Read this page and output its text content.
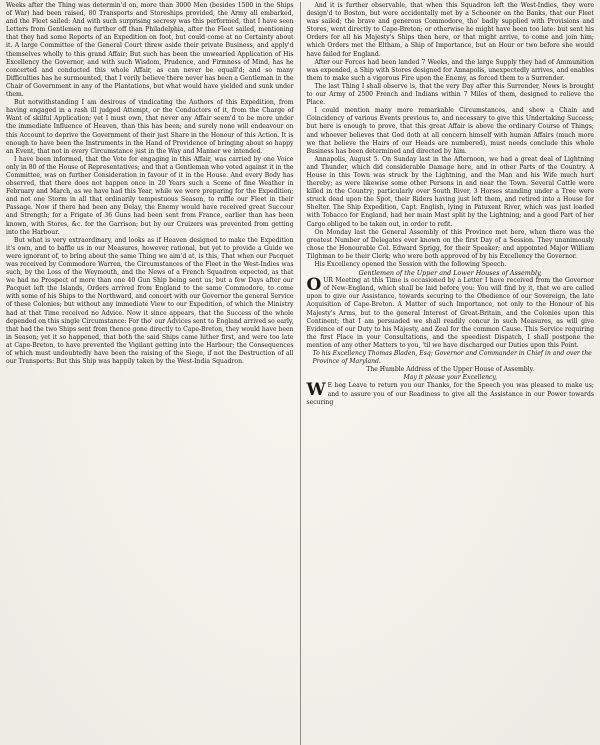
Weeks after the Thing was determin'd on, more than 3000 Men (besides 1500 in the Ships of War) had been raised, 80 Transports and Storeships provided, the Army all embarked, and the Fleet sailed: And with such surprising secresy was this performed, that I have seen Letters from Gentlemen no further off than Philadelphia, after the Fleet sailed, mentioning that they had some Reports of an Expedition on foot, but could come at no Certainty about it. A large Committee of the General Court threw aside their private Business, and apply'd themselves wholly to this grand Affair; But such has been the unwearied Application of His Excellency the Governor, and with such Wisdom, Prudence, and Firmness of Mind, has he concerted and conducted this whole Affair, as can never be equall'd; and so many Difficulties has he surmounted, that I verily believe there never has been a Gentleman in the Chair of Government in any of the Plantations, but what would have yielded and sunk under them.

But notwithstanding I am desirous of vindicating the Authors of this Expedition, from having engaged in a rash ill judged Attempt, or the Conductors of it, from the Charge of Want of skilful Application; yet I must own, that never any Affair seem'd to be more under the immediate Influence of Heaven, than this has been; and surely none will endeavour on this Account to deprive the Government of their just Share in the Honour of this Action. It is enough to have been the Instruments in the Hand of Providence of bringing about so happy an Event, that not in every Circumstance just in the Way and Manner we intended.

I have been informed, that the Vote for engaging in this Affair, was carried by one Voice only in 80 of the House of Representatives; and that a Gentleman who voted against it in the Committee, was on further Consideration in favour of it in the House. And every Body has observed, that there does not happen once in 20 Years such a Scene of fine Weather in February and March, as we have had this Year, while we were preparing for the Expedition; and not one Storm in all that ordinarily tempestuous Season, to ruffle our Fleet in their Passage. Now if there had been any Delay, the Enemy would have received great Succour and Strength; for a Frigate of 36 Guns had been sent from France, earlier than has been known, with Stores, &c. for the Garrison; but by our Cruizers was prevented from getting into the Harbour.

But what is very extraordinary, and looks as if Heaven designed to make the Expedition it's own, and to baffle us in our Measures, however rational, but yet to provide a Guide we were ignorant of, to bring about the same Thing we aim'd at, is this, That when our Pacquet was received by Commodore Warren, the Circumstances of the Fleet in the West-Indies was such, by the Loss of the Weymouth, and the News of a French Squadron expected, as that we had no Prospect of more than one 40 Gun Ship being sent us; but a few Days after our Pacquet left the Islands, Orders arrived from England to the same Commodore, to come with some of his Ships to the Northward, and concert with our Governor the general Service of these Colonies; but without any immediate View to our Expedition, of which the Ministry had at that Time received no Advice. Now it since appears, that the Success of the whole depended on this single Circumstance: For tho' our Advices sent to England arrived so early, that had the two Ships sent from thence gone directly to Cape-Breton, they would have been in Season; yet it so happened, that both the said Ships came hither first, and were too late at Cape-Breton, to have prevented the Vigilant getting into the Harbour; the Consequences of which must undoubtedly have been the raising of the Siege, if not the Destruction of all our Transports: But this Ship was happily taken by the West-India Squadron.

And it is further observable, that when this Squadron left the West-Indies, they were design'd to Boston, but were accidentally met by a Schooner on the Banks, that our Fleet was sailed; the brave and generous Commodore, tho' badly supplied with Provisions and Stores, went directly to Cape-Breton; or otherwise he might have been too late: but sent his Orders for all his Majesty's Ships then here, or that might arrive, to come and join him; which Orders met the Eltham, a Ship of Importance, but an Hour or two before she would have failed for England.

After our Forces had been landed 7 Weeks, and the large Supply they had of Ammunition was expended, a Ship with Stores designed for Annapolis, unexpectedly arrives, and enables them to make such a vigorous Fire upon the Enemy, as forced them to a Surrender.

The last Thing I shall observe is, that the very Day after this Surrender, News is brought to our Army of 2500 French and Indians within 7 Miles of them, designed to relieve the Place.

I could mention many more remarkable Circumstances, and shew a Chain and Coincidency of various Events previous to, and necessary to give this Undertaking Success; but here is enough to prove, that this great Affair is above the ordinary Course of Things; and whoever believes that God doth at all concern himself with human Affairs (much more we that believe the Hairs of our Heads are numbered), must needs conclude this whole Business has been determined and directed by him.

Annapolis, August 5. On Sunday last in the Afternoon, we had a great deal of Lightning and Thunder, which did considerable Damage here, and in other Parts of the Country. A House in this Town was struck by the Lightning, and the Man and his Wife much hurt thereby; as were likewise some other Persons in and near the Town. Several Cattle were killed in the Country; particularly over South River, 3 Horses standing under a Tree were struck dead upon the Spot, their Riders having just left them, and retired into a House for Shelter. The Ship Expedition, Capt. English, lying in Patuxent River, which was just loaded with Tobacco for England, had her main Mast split by the Lightning; and a good Part of her Cargo obliged to be taken out, in order to refit.

On Monday last the General Assembly of this Province met here, when there was the greatest Number of Delegates ever known on the first Day of a Session. They unanimously chose the Honourable Col. Edward Sprigg, for their Speaker; and appointed Major William Tilghman to be their Clerk; who were both approved of by his Excellency the Governor.

His Excellency opened the Session with the following Speech.

Gentlemen of the Upper and Lower Houses of Assembly,

OUR Meeting at this Time is occasioned by a Letter I have received from the Governor of New-England, which shall be laid before you: You will find by it, that we are called upon to give our Assistance, towards securing to the Obedience of our Sovereign, the late Acquisition of Cape-Breton. A Matter of such Importance, not only to the Honour of his Majesty's Arms, but to the general Interest of Great-Britain, and the Colonies upon this Continent; that I am persuaded we shall readily concur in such Measures, as will give Evidence of our Duty to his Majesty, and Zeal for the common Cause. This Service requiring the first Place in your Consultations, and the speediest Dispatch, I shall postpone the mention of any other Matters to you, 'til we have discharged our Duties upon this Point.

To his Excellency Thomas Bladen, Esq; Governor and Commander in Chief in and over the Province of Maryland.

The Humble Address of the Upper House of Assembly.

May it please your Excellency,

W E beg Leave to return you our Thanks, for the Speech you was pleased to make us; and to assure you of our Readiness to give all the Assistance in our Power towards securing
